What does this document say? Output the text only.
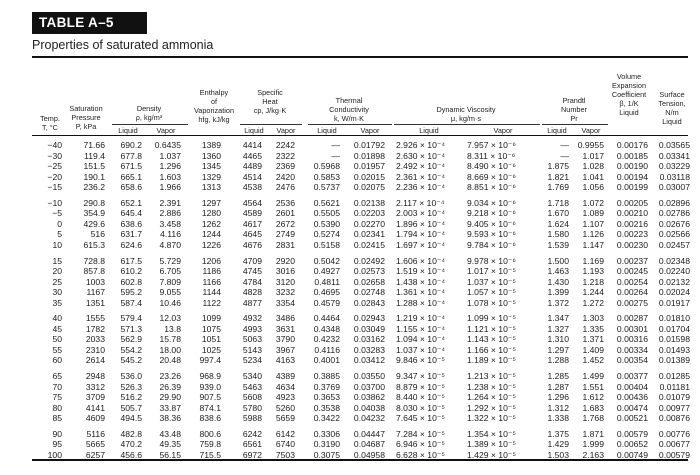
TABLE A–5
Properties of saturated ammonia
Temp.
T, °C
Saturation
Pressure
P, kPa
Density
ρ, kg/m³
Liquid	Vapor
Enthalpy
of
Vaporization
hfg, kJ/kg
Specific
Heat
cp, J/kg·K
Liquid	Vapor
Thermal
Conductivity
k, W/m·K
Liquid	Vapor
Dynamic Viscosity
μ, kg/m·s
Liquid	Vapor
Prandtl
Number
Pr
Liquid	Vapor
Volume
Expansion
Coefficient
β, 1/K
Liquid
Surface
Tension,
N/m
Liquid
−40 71.66 690.2 0.6435 1389	4414 2242	— 0.01792 2.926 × 10⁻⁴	7.957 × 10⁻⁶	— 0.9955 0.00176 0.03565
−30	119.4 677.8 1.037 1360	4465 2322	— 0.01898 2.630 × 10⁻⁴	8.311 × 10⁻⁶	— 1.017 0.00185 0.03341
−25 151.5 671.5 1.296 1345	4489 2369 0.5968 0.01957 2.492 × 10⁻⁴	8.490 × 10⁻⁶	1.875 1.028 0.00190 0.03229
−20 190.1 665.1 1.603 1329	4514 2420 0.5853 0.02015 2.361 × 10⁻⁴	8.669 × 10⁻⁶	1.821 1.041 0.00194 0.03118
−15 236.2 658.6 1.966 1313	4538 2476 0.5737 0.02075 2.236 × 10⁻⁴	8.851 × 10⁻⁶	1.769 1.056 0.00199 0.03007
−10 290.8 652.1 2.391 1297	4564 2536 0.5621 0.02138 2.117 × 10⁻⁴	9.034 × 10⁻⁶	1.718 1.072 0.00205 0.02896
−5 354.9 645.4 2.886 1280	4589 2601 0.5505 0.02203 2.003 × 10⁻⁴	9.218 × 10⁻⁶	1.670 1.089 0.00210 0.02786
0 429.6 638.6 3.458 1262	4617 2672 0.5390 0.02270 1.896 × 10⁻⁴	9.405 × 10⁻⁶	1.624 1.107 0.00216 0.02676
5	516 631.7 4.116 1244	4645 2749 0.5274 0.02341 1.794 × 10⁻⁴	9.593 × 10⁻⁶	1.580 1.126 0.00223 0.02566
10 615.3 624.6 4.870 1226	4676 2831 0.5158 0.02415 1.697 × 10⁻⁴	9.784 × 10⁻⁶	1.539 1.147 0.00230 0.02457
15 728.8 617.5 5.729 1206	4709 2920 0.5042 0.02492 1.606 × 10⁻⁴	9.978 × 10⁻⁶	1.500 1.169 0.00237 0.02348
20 857.8 610.2 6.705	1186	4745 3016 0.4927 0.02573 1.519 × 10⁻⁴	1.017 × 10⁻⁵	1.463 1.193 0.00245 0.02240
25	1003 602.8 7.809	1166	4784 3120 0.4811 0.02658 1.438 × 10⁻⁴	1.037 × 10⁻⁵	1.430 1.218 0.00254 0.02132
30	1167 595.2 9.055	1144	4828 3232 0.4695 0.02748 1.361 × 10⁻⁴	1.057 × 10⁻⁵	1.399 1.244 0.00264 0.02024
35	1351 587.4 10.46	1122	4877 3354 0.4579 0.02843 1.288 × 10⁻⁴	1.078 × 10⁻⁵	1.372 1.272 0.00275 0.01917
40	1555 579.4 12.03 1099	4932 3486 0.4464 0.02943 1.219 × 10⁻⁴	1.099 × 10⁻⁵	1.347 1.303 0.00287 0.01810
45	1782 571.3	13.8 1075	4993 3631 0.4348 0.03049 1.155 × 10⁻⁴	1.121 × 10⁻⁵	1.327 1.335 0.00301 0.01704
50	2033 562.9 15.78 1051	5063 3790 0.4232 0.03162 1.094 × 10⁻⁴	1.143 × 10⁻⁵	1.310 1.371 0.00316 0.01598
55	2310 554.2 18.00 1025	5143 3967 0.4116 0.03283 1.037 × 10⁻⁴	1.166 × 10⁻⁵	1.297 1.409 0.00334 0.01493
60	2614 545.2 20.48 997.4	5234 4163 0.4001 0.03412 9.846 × 10⁻⁵	1.189 × 10⁻⁵	1.288 1.452 0.00354 0.01389
65	2948 536.0 23.26 968.9	5340 4389 0.3885 0.03550 9.347 × 10⁻⁵	1.213 × 10⁻⁵	1.285 1.499 0.00377 0.01285
70	3312 526.3 26.39 939.0	5463 4634 0.3769 0.03700 8.879 × 10⁻⁵	1.238 × 10⁻⁵	1.287 1.551 0.00404 0.01181
75	3709 516.2 29.90 907.5	5608 4923 0.3653 0.03862 8.440 × 10⁻⁵	1.264 × 10⁻⁵	1.296 1.612 0.00436 0.01079
80	4141 505.7 33.87 874.1	5780 5260 0.3538 0.04038 8.030 × 10⁻⁵	1.292 × 10⁻⁵	1.312 1.683 0.00474 0.00977
85	4609 494.5 38.36 838.6	5988 5659 0.3422 0.04232 7.645 × 10⁻⁵	1.322 × 10⁻⁵	1.338 1.768 0.00521 0.00876
90	5116 482.8 43.48 800.6	6242 6142 0.3306 0.04447 7.284 × 10⁻⁵	1.354 × 10⁻⁵	1.375 1.871 0.00579 0.00776
95	5665 470.2 49.35 759.8	6561 6740 0.3190 0.04687 6.946 × 10⁻⁵	1.389 × 10⁻⁵	1.429 1.999 0.00652 0.00677
100	6257 456.6 56.15 715.5	6972 7503 0.3075 0.04958 6.628 × 10⁻⁵	1.429 × 10⁻⁵	1.503 2.163 0.00749 0.00579
